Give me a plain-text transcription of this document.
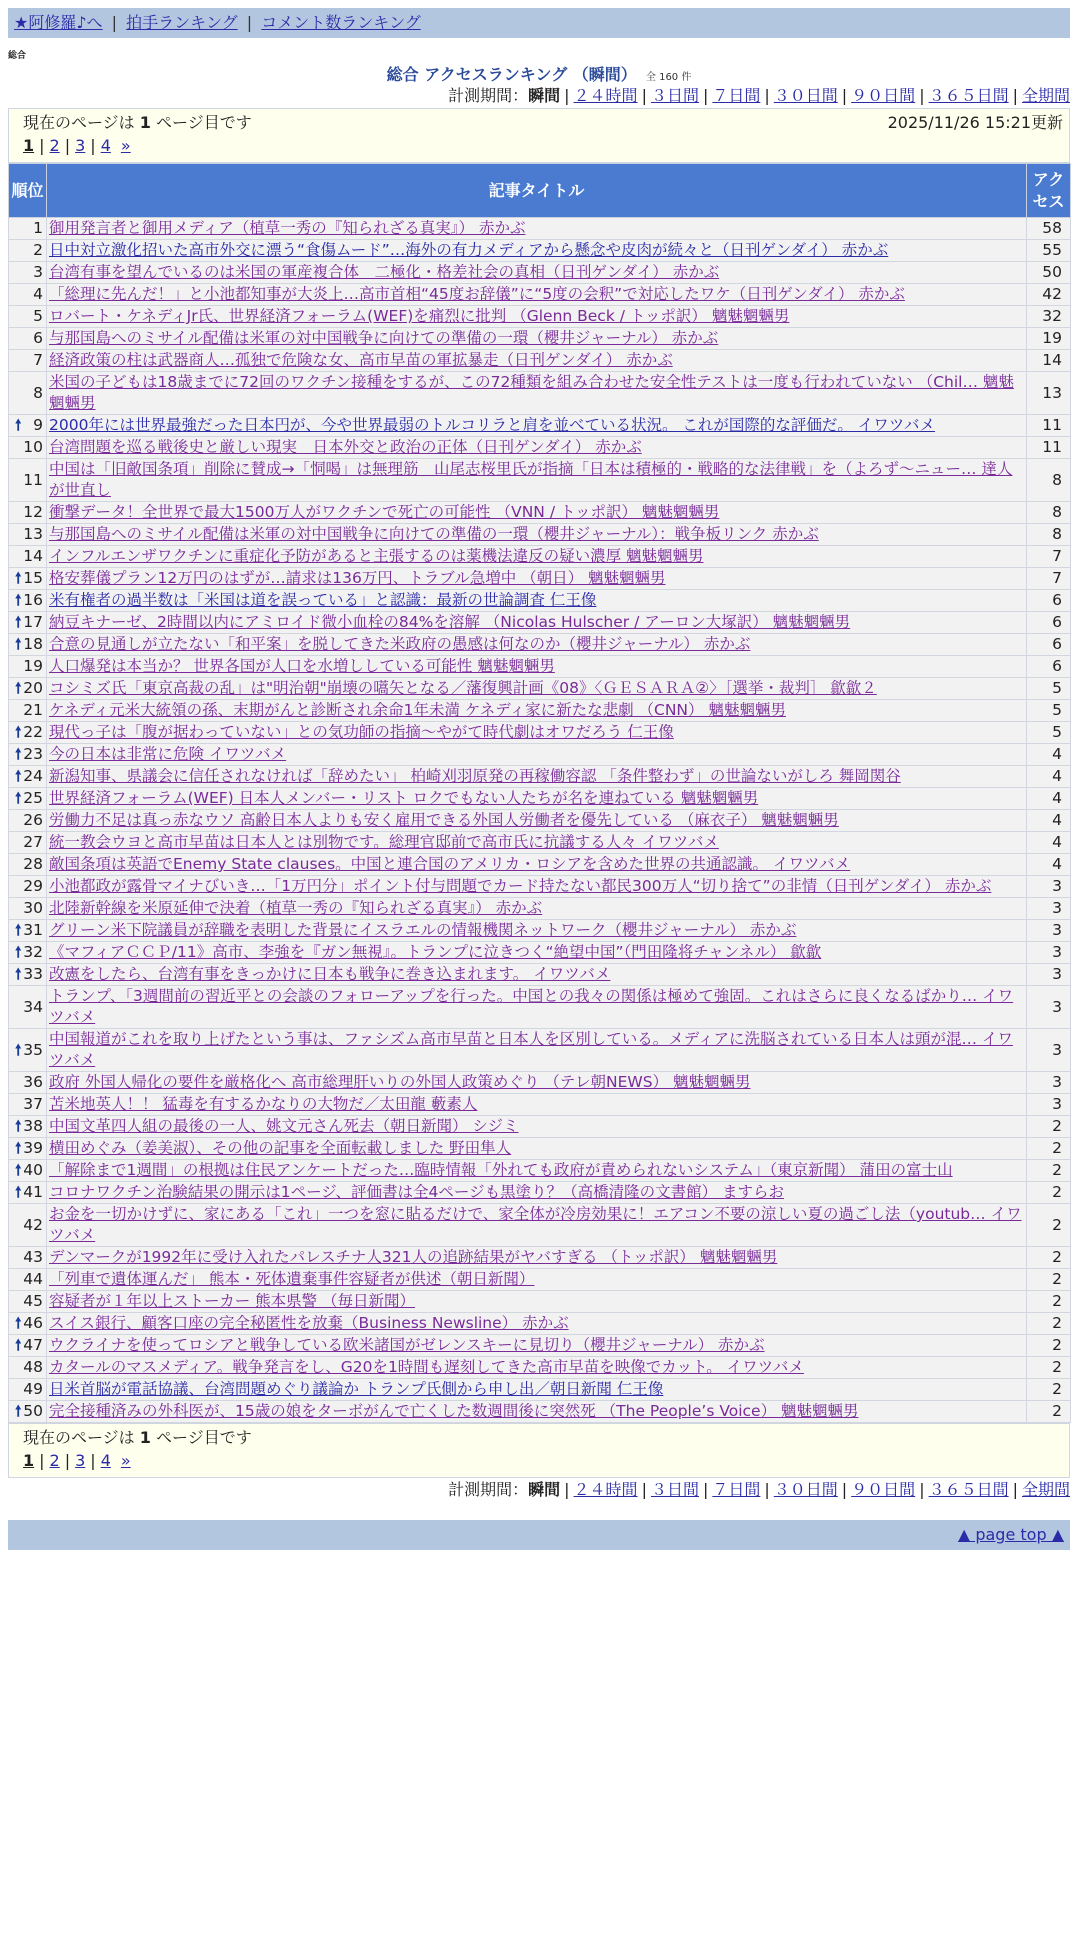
★阿修羅♪へ | 拍手ランキング | コメント数ランキング
総合
総合 アクセスランキング （瞬間） 全 160 件
計測期間：瞬間 | ２４時間 | ３日間 | ７日間 | ３０日間 | ９０日間 | ３６５日間 | 全期間
現在のページは 1 ページ目です	2025/11/26 15:21更新
1 | 2 | 3 | 4 »
順位	記事タイトル	アクセス
1	御用発言者と御用メディア（植草一秀の『知られざる真実』） 赤かぶ	58
2	日中対立激化招いた高市外交に漂う“食傷ムード”…海外の有力メディアから懸念や皮肉が続々と（日刊ゲンダイ） 赤かぶ	55
3	台湾有事を望んでいるのは米国の軍産複合体　二極化・格差社会の真相（日刊ゲンダイ） 赤かぶ	50
4	「総理に先んだ！」と小池都知事が大炎上…高市首相“45度お辞儀”に“5度の会釈”で対応したワケ（日刊ゲンダイ） 赤かぶ	42
5	ロバート・ケネディJr氏、世界経済フォーラム(WEF)を痛烈に批判 （Glenn Beck / トッポ訳） 魑魅魍魎男	32
6	与那国島へのミサイル配備は米軍の対中国戦争に向けての準備の一環（櫻井ジャーナル） 赤かぶ	19
7	経済政策の柱は武器商人…孤独で危険な女、高市早苗の軍拡暴走（日刊ゲンダイ） 赤かぶ	14
8	米国の子どもは18歳までに72回のワクチン接種をするが、この72種類を組み合わせた安全性テストは一度も行われていない （Chil… 魑魅魍魎男	13

🠕 9	2000年には世界最強だった日本円が、今や世界最弱のトルコリラと肩を並べている状況。 これが国際的な評価だ。 イワツバメ	11
10	台湾問題を巡る戦後史と厳しい現実　日本外交と政治の正体（日刊ゲンダイ） 赤かぶ	11
11	中国は「旧敵国条項」削除に賛成→「恫喝」は無理筋　山尾志桜里氏が指摘「日本は積極的・戦略的な法律戦」を（よろず〜ニュー… 達人が世直し	8
12	衝撃データ！全世界で最大1500万人がワクチンで死亡の可能性 （VNN / トッポ訳） 魑魅魍魎男	8
13	与那国島へのミサイル配備は米軍の対中国戦争に向けての準備の一環（櫻井ジャーナル）：戦争板リンク 赤かぶ	8
14	インフルエンザワクチンに重症化予防があると主張するのは薬機法違反の疑い濃厚 魑魅魍魎男	7

🠕 15	格安葬儀プラン12万円のはずが…請求は136万円、トラブル急増中 （朝日） 魑魅魍魎男	7

🠕 16	米有権者の過半数は「米国は道を誤っている」と認識：最新の世論調査 仁王像	6

🠕 17	納豆キナーゼ、2時間以内にアミロイド微小血栓の84%を溶解 （Nicolas Hulscher / アーロン大塚訳） 魑魅魍魎男	6

🠕 18	合意の見通しが立たない「和平案」を脱してきた米政府の愚感は何なのか（櫻井ジャーナル） 赤かぶ	6
19	人口爆発は本当か？ 世界各国が人口を水増ししている可能性 魑魅魍魎男	6

🠕 20	コシミズ氏「東京高裁の乱」は"明治朝"崩壊の嚆矢となる／藩復興計画《08》〈ＧＥＳＡＲＡ②〉［選挙・裁判］ 歙歙２	5
21	ケネディ元米大統領の孫、末期がんと診断され余命1年未満 ケネディ家に新たな悲劇 （CNN） 魑魅魍魎男	5

🠕 22	現代っ子は「腹が据わっていない」との気功師の指摘～やがて時代劇はオワだろう 仁王像	5

🠕 23	今の日本は非常に危険 イワツバメ	4

🠕 24	新潟知事、県議会に信任されなければ「辞めたい」 柏崎刈羽原発の再稼働容認 「条件整わず」の世論ないがしろ 舞岡関谷	4

🠕 25	世界経済フォーラム(WEF) 日本人メンバー・リスト ロクでもない人たちが名を連ねている 魑魅魍魎男	4
26	労働力不足は真っ赤なウソ 高齢日本人よりも安く雇用できる外国人労働者を優先している （麻衣子） 魑魅魍魎男	4
27	統一教会ウヨと高市早苗は日本人とは別物です。総理官邸前で高市氏に抗議する人々 イワツバメ	4
28	敵国条項は英語でEnemy State clauses。中国と連合国のアメリカ・ロシアを含めた世界の共通認識。 イワツバメ	4
29	小池都政が露骨マイナびいき…「1万円分」ポイント付与問題でカード持たない都民300万人“切り捨て”の非情（日刊ゲンダイ） 赤かぶ	3
30	北陸新幹線を米原延伸で決着（植草一秀の『知られざる真実』） 赤かぶ	3

🠕 31	グリーン米下院議員が辞職を表明した背景にイスラエルの情報機関ネットワーク（櫻井ジャーナル） 赤かぶ	3

🠕 32	《マフィアＣＣＰ/11》高市、李強を『ガン無視』。トランプに泣きつく“絶望中国”（門田隆将チャンネル） 歙歙	3

🠕 33	改憲をしたら、台湾有事をきっかけに日本も戦争に巻き込まれます。 イワツバメ	3
34	トランプ、「3週間前の習近平との会談のフォローアップを行った。中国との我々の関係は極めて強固。これはさらに良くなるばかり… イワツバメ	3

🠕 35	中国報道がこれを取り上げたという事は、ファシズム高市早苗と日本人を区別している。メディアに洗脳されている日本人は頭が混… イワツバメ	3
36	政府 外国人帰化の要件を厳格化へ 高市総理肝いりの外国人政策めぐり （テレ朝NEWS） 魑魅魍魎男	3
37	苫米地英人！！ 猛毒を有するかなりの大物だ／太田龍 藪素人	3

🠕 38	中国文革四人組の最後の一人、姚文元さん死去（朝日新聞） シジミ	2

🠕 39	横田めぐみ（姜美淑）、その他の記事を全面転載しました 野田隼人	2

🠕 40	「解除まで1週間」の根拠は住民アンケートだった…臨時情報「外れても政府が責められないシステム」（東京新聞） 蒲田の富士山	2

🠕 41	コロナワクチン治験結果の開示は1ページ、評価書は全4ページも黒塗り？（高橋清隆の文書館） ますらお	2
42	お金を一切かけずに、家にある「これ」一つを窓に貼るだけで、家全体が冷房効果に！エアコン不要の涼しい夏の過ごし法（youtub… イワツバメ	2
43	デンマークが1992年に受け入れたパレスチナ人321人の追跡結果がヤバすぎる （トッポ訳） 魑魅魍魎男	2
44	「列車で遺体運んだ」 熊本・死体遺棄事件容疑者が供述（朝日新聞）	2
45	容疑者が１年以上ストーカー 熊本県警 （毎日新聞）	2

🠕 46	スイス銀行、顧客口座の完全秘匿性を放棄（Business Newsline） 赤かぶ	2

🠕 47	ウクライナを使ってロシアと戦争している欧米諸国がゼレンスキーに見切り（櫻井ジャーナル） 赤かぶ	2
48	カタールのマスメディア。戦争発言をし、G20を1時間も遅刻してきた高市早苗を映像でカット。 イワツバメ	2
49	日米首脳が電話協議、台湾問題めぐり議論か トランプ氏側から申し出／朝日新聞 仁王像	2

🠕 50	完全接種済みの外科医が、15歳の娘をターボがんで亡くした数週間後に突然死 （The People’s Voice） 魑魅魍魎男	2
現在のページは 1 ページ目です
1 | 2 | 3 | 4 »
計測期間：瞬間 | ２４時間 | ３日間 | ７日間 | ３０日間 | ９０日間 | ３６５日間 | 全期間
▲ page top ▲
